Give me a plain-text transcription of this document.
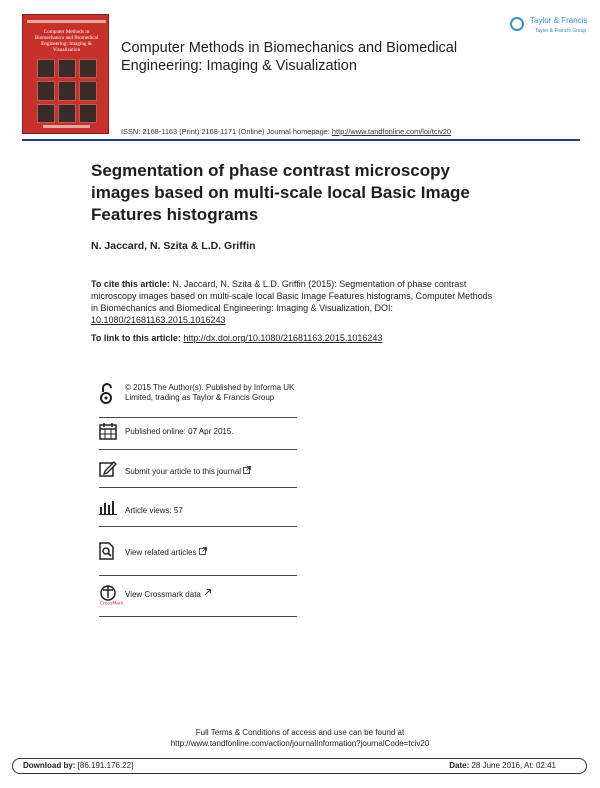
Computer Methods in Biomechanics and Biomedical Engineering: Imaging & Visualization	Computer Methods in Biomechanics and Biomedical Engineering: Imaging & Visualization
Taylor & Francis
Taylor & Francis Group
ISSN: 2168-1163 (Print) 2168-1171 (Online) Journal homepage: http://www.tandfonline.com/loi/tciv20
Segmentation of phase contrast microscopy images based on multi-scale local Basic Image Features histograms
N. Jaccard, N. Szita & L.D. Griffin
To cite this article: N. Jaccard, N. Szita & L.D. Griffin (2015): Segmentation of phase contrast microscopy images based on multi-scale local Basic Image Features histograms, Computer Methods in Biomechanics and Biomedical Engineering: Imaging & Visualization, DOI: 10.1080/21681163.2015.1016243
To link to this article: http://dx.doi.org/10.1080/21681163.2015.1016243
© 2015 The Author(s). Published by Informa UK Limited, trading as Taylor & Francis Group
Published online: 07 Apr 2015.
Submit your article to this journal
Article views: 57
View related articles
CrossMark
View Crossmark data
Full Terms & Conditions of access and use can be found at
http://www.tandfonline.com/action/journalInformation?journalCode=tciv20
Download by: [86.191.176.22]	Date: 28 June 2016, At: 02:41
